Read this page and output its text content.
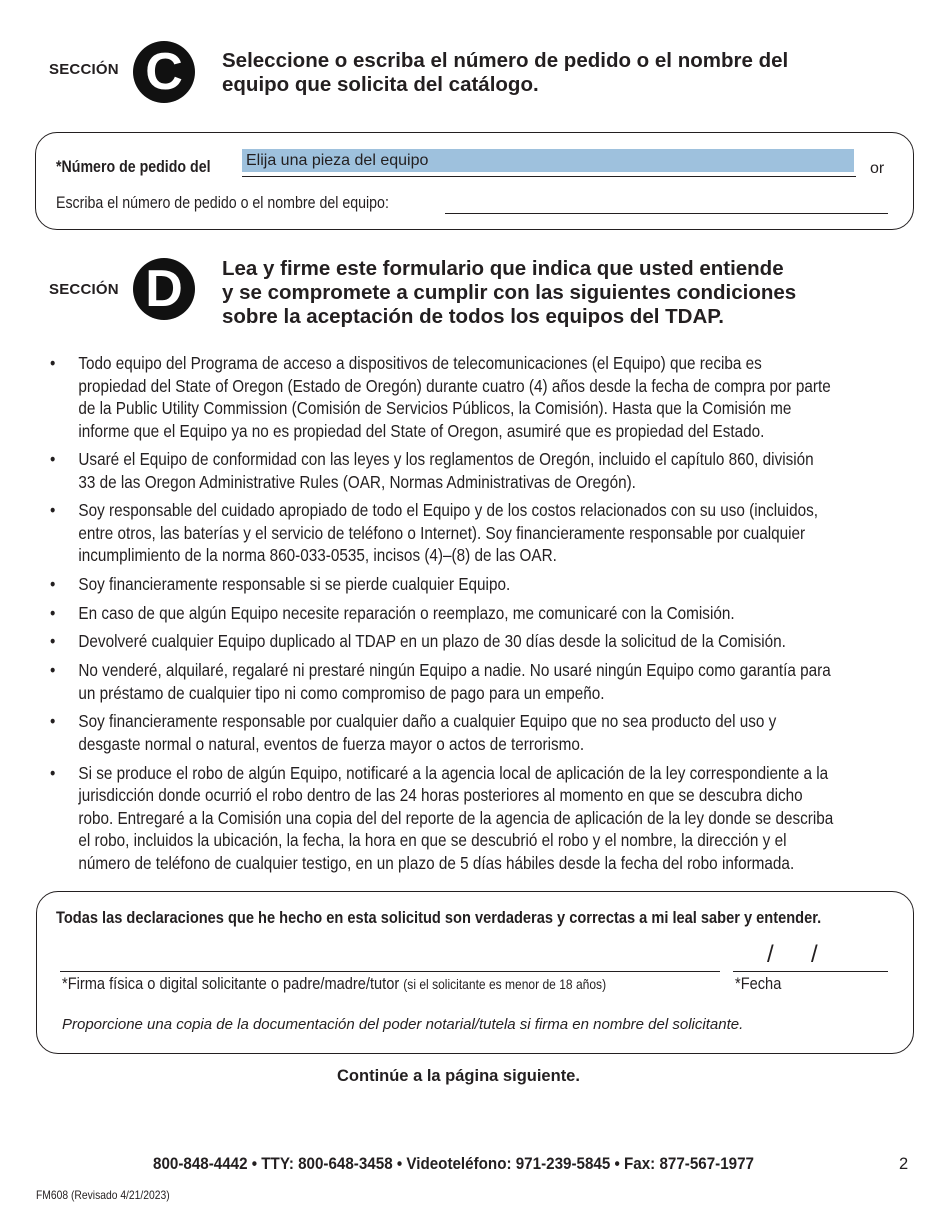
SECCIÓN C	Seleccione o escriba el número de pedido o el nombre del
equipo que solicita del catálogo.
*Número de pedido del Elija una pieza del equipo	or
Escriba el número de pedido o el nombre del equipo:
SECCIÓN D	Lea y firme este formulario que indica que usted entiende
y se compromete a cumplir con las siguientes condiciones
sobre la aceptación de todos los equipos del TDAP.
• Todo equipo del Programa de acceso a dispositivos de telecomunicaciones (el Equipo) que reciba es
propiedad del State of Oregon (Estado de Oregón) durante cuatro (4) años desde la fecha de compra por parte
de la Public Utility Commission (Comisión de Servicios Públicos, la Comisión). Hasta que la Comisión me
informe que el Equipo ya no es propiedad del State of Oregon, asumiré que es propiedad del Estado.
• Usaré el Equipo de conformidad con las leyes y los reglamentos de Oregón, incluido el capítulo 860, división
33 de las Oregon Administrative Rules (OAR, Normas Administrativas de Oregón).
• Soy responsable del cuidado apropiado de todo el Equipo y de los costos relacionados con su uso (incluidos,
entre otros, las baterías y el servicio de teléfono o Internet). Soy financieramente responsable por cualquier
incumplimiento de la norma 860-033-0535, incisos (4)–(8) de las OAR.
• Soy financieramente responsable si se pierde cualquier Equipo.
• En caso de que algún Equipo necesite reparación o reemplazo, me comunicaré con la Comisión.
• Devolveré cualquier Equipo duplicado al TDAP en un plazo de 30 días desde la solicitud de la Comisión.
• No venderé, alquilaré, regalaré ni prestaré ningún Equipo a nadie. No usaré ningún Equipo como garantía para
un préstamo de cualquier tipo ni como compromiso de pago para un empeño.
• Soy financieramente responsable por cualquier daño a cualquier Equipo que no sea producto del uso y
desgaste normal o natural, eventos de fuerza mayor o actos de terrorismo.
• Si se produce el robo de algún Equipo, notificaré a la agencia local de aplicación de la ley correspondiente a la
jurisdicción donde ocurrió el robo dentro de las 24 horas posteriores al momento en que se descubra dicho
robo. Entregaré a la Comisión una copia del del reporte de la agencia de aplicación de la ley donde se describa
el robo, incluidos la ubicación, la fecha, la hora en que se descubrió el robo y el nombre, la dirección y el
número de teléfono de cualquier testigo, en un plazo de 5 días hábiles desde la fecha del robo informada.
Todas las declaraciones que he hecho en esta solicitud son verdaderas y correctas a mi leal saber y entender.
/ /
*Firma física o digital solicitante o padre/madre/tutor (si el solicitante es menor de 18 años)	*Fecha
Proporcione una copia de la documentación del poder notarial/tutela si firma en nombre del solicitante.
Continúe a la página siguiente.
800-848-4442 • TTY: 800-648-3458 • Videoteléfono: 971-239-5845 • Fax: 877-567-1977	2
FM608 (Revisado 4/21/2023)
